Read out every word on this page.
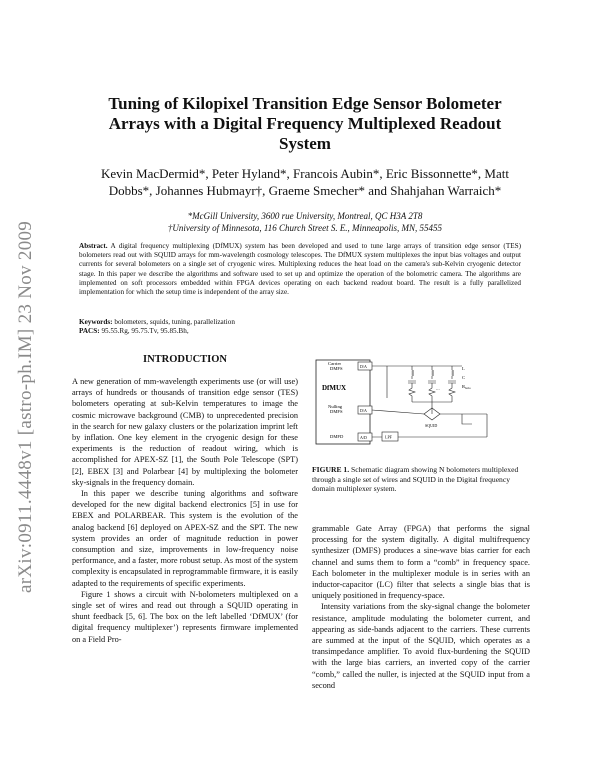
arXiv:0911.4448v1 [astro-ph.IM] 23 Nov 2009
Tuning of Kilopixel Transition Edge Sensor Bolometer Arrays with a Digital Frequency Multiplexed Readout System
Kevin MacDermid*, Peter Hyland*, Francois Aubin*, Eric Bissonnette*, Matt
Dobbs*, Johannes Hubmayr†, Graeme Smecher* and Shahjahan Warraich*
*McGill University, 3600 rue University, Montreal, QC H3A 2T8
†University of Minnesota, 116 Church Street S. E., Minneapolis, MN, 55455
Abstract. A digital frequency multiplexing (DfMUX) system has been developed and used to tune large arrays of transition edge sensor (TES) bolometers read out with SQUID arrays for mm-wavelength cosmology telescopes. The DfMUX system multiplexes the input bias voltages and output currents for several bolometers on a single set of cryogenic wires. Multiplexing reduces the heat load on the camera's sub-Kelvin cryogenic detector stage. In this paper we describe the algorithms and software used to set up and optimize the operation of the bolometric camera. The algorithms are implemented on soft processors embedded within FPGA devices operating on each backend readout board. The result is a fully parallelized implementation for which the setup time is independent of the array size.
Keywords: bolometers, squids, tuning, parallelization
PACS: 95.55.Rg, 95.75.Tv, 95.85.Bh,
INTRODUCTION

A new generation of mm-wavelength experiments use (or will use) arrays of hundreds or thousands of transition edge sensor (TES) bolometers operating at sub-Kelvin temperatures to image the cosmic microwave background (CMB) to unprecedented precision in the search for new galaxy clusters or the polarization imprint left by inflation. One key element in the cryogenic design for these experiments is the reduction of readout wiring, which is accomplished for APEX-SZ [1], the South Pole Telescope (SPT) [2], EBEX [3] and Polarbear [4] by multiplexing the bolometer sky-signals in the frequency domain.

In this paper we describe tuning algorithms and software developed for the new digital backend electronics [5] in use for EBEX and POLARBEAR. This system is the evolution of the analog backend [6] deployed on APEX-SZ and the SPT. The new system provides an order of magnitude reduction in power consumption and size, improvements in low-frequency noise performance, and a faster, more robust setup. As most of the system complexity is encapsulated in reprogrammable firmware, it is easily adapted to the requirements of specific experiments.

Figure 1 shows a circuit with N-bolometers multiplexed on a single set of wires and read out through a SQUID operating in shunt feedback [5, 6]. The box on the left labelled ‘DfMUX’ (for digital frequency multiplexer’) represents firmware implemented on a Field Pro-

Carrier
DMFS
DfMUX
Nulling
DMFS
DMFD
D/A
D/A
A/D
L
C
$R_{bolo}$
...
SQUID
LPF
FIGURE 1. Schematic diagram showing N bolometers multiplexed through a single set of wires and SQUID in the Digital frequency domain multiplexer system.

grammable Gate Array (FPGA) that performs the signal processing for the system digitally. A digital multifrequency synthesizer (DMFS) produces a sine-wave bias carrier for each channel and sums them to form a “comb” in frequency space. Each bolometer in the multiplexer module is in series with an inductor-capacitor (LC) filter that selects a single bias that is uniquely positioned in frequency-space.

Intensity variations from the sky-signal change the bolometer resistance, amplitude modulating the bolometer current, and appearing as side-bands adjacent to the carriers. These currents are summed at the input of the SQUID, which operates as a transimpedance amplifier. To avoid flux-burdening the SQUID with the large bias carriers, an inverted copy of the carrier “comb,” called the nuller, is injected at the SQUID input from a second
